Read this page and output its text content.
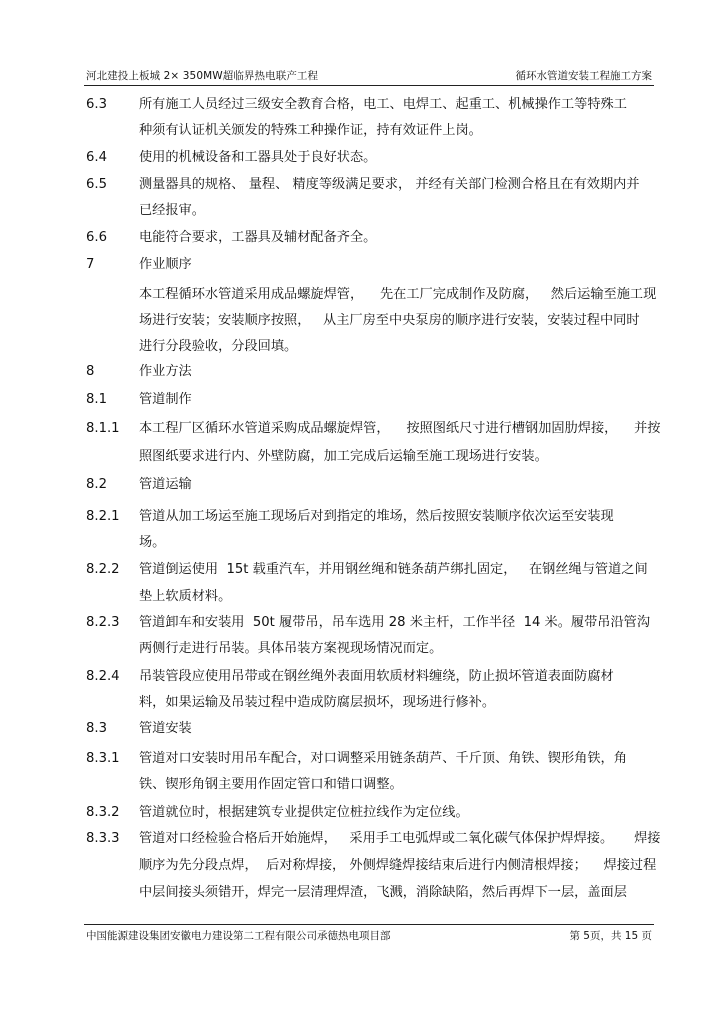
河北建投上板城 2× 350MW超临界热电联产工程	循环水管道安装工程施工方案
6.3 所有施工人员经过三级安全教育合格，电工、电焊工、起重工、机械操作工等特殊工
种须有认证机关颁发的特殊工种操作证，持有效证件上岗。
6.4 使用的机械设备和工器具处于良好状态。
6.5 测量器具的规格、 量程、 精度等级满足要求， 并经有关部门检测合格且在有效期内并
已经报审。
6.6 电能符合要求，工器具及辅材配备齐全。
7	作业顺序
本工程循环水管道采用成品螺旋焊管，    先在工厂完成制作及防腐，   然后运输至施工现
场进行安装；安装顺序按照，   从主厂房至中央泵房的顺序进行安装，安装过程中同时
进行分段验收，分段回填。
8	作业方法
8.1 管道制作
8.1.1 本工程厂区循环水管道采购成品螺旋焊管，    按照图纸尺寸进行槽钢加固肋焊接，    并按
照图纸要求进行内、外壁防腐，加工完成后运输至施工现场进行安装。
8.2 管道运输
8.2.1 管道从加工场运至施工现场后对到指定的堆场，然后按照安装顺序依次运至安装现
场。
8.2.2 管道倒运使用  15t 载重汽车，并用钢丝绳和链条葫芦绑扎固定，   在钢丝绳与管道之间
垫上软质材料。
8.2.3 管道卸车和安装用  50t 履带吊，吊车选用 28 米主杆，工作半径  14 米。履带吊沿管沟
两侧行走进行吊装。具体吊装方案视现场情况而定。
8.2.4 吊装管段应使用吊带或在钢丝绳外表面用软质材料缠绕，防止损坏管道表面防腐材
料，如果运输及吊装过程中造成防腐层损坏，现场进行修补。
8.3 管道安装
8.3.1 管道对口安装时用吊车配合，对口调整采用链条葫芦、千斤顶、角铁、锲形角铁，角
铁、锲形角钢主要用作固定管口和错口调整。
8.3.2 管道就位时，根据建筑专业提供定位桩拉线作为定位线。
8.3.3 管道对口经检验合格后开始施焊，   采用手工电弧焊或二氧化碳气体保护焊焊接。     焊接
顺序为先分段点焊，  后对称焊接， 外侧焊缝焊接结束后进行内侧清根焊接；    焊接过程
中层间接头须错开，焊完一层清理焊渣，飞溅，消除缺陷，然后再焊下一层，盖面层
中国能源建设集团安徽电力建设第二工程有限公司承德热电项目部	第 5页，共 15 页
